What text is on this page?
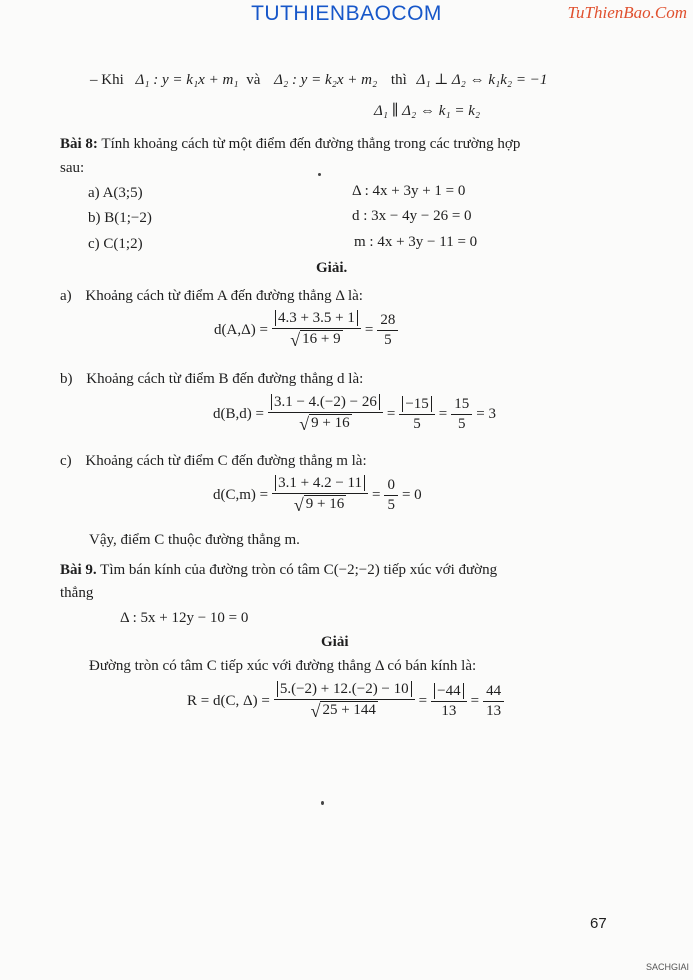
TUTHIENBAOCOM	TuThienBao.Com
– Khi Δ₁ : y = k₁x + m₁ và Δ₂ : y = k₂x + m₂ thì Δ₁ ⊥ Δ₂ ⇔ k₁k₂ = −1
Δ₁ ∥ Δ₂ ⇔ k₁ = k₂
Bài 8: Tính khoảng cách từ một điểm đến đường thẳng trong các trường hợp
sau:
a) A(3;5)	Δ : 4x + 3y + 1 = 0
b) B(1;−2)	d : 3x − 4y − 26 = 0
c) C(1;2)	m : 4x + 3y − 11 = 0
Giải.
a) Khoảng cách từ điểm A đến đường thẳng Δ là:
$d(A,\Delta) = \frac{4.3 + 3.5 + 1}{√ 16 + 9} = \frac{28}{5}$
b) Khoảng cách từ điểm B đến đường thẳng d là:
$d(B,d) = \frac{3.1 - 4.(-2) - 26}{√ 9 + 16} = \frac{-15}{5} = \frac{15}{5} = 3$
c) Khoảng cách từ điểm C đến đường thẳng m là:
$d(C,m) = \frac{3.1 + 4.2 - 11}{√ 9 + 16} = \frac{0}{5} = 0$
Vậy, điểm C thuộc đường thẳng m.
Bài 9. Tìm bán kính của đường tròn có tâm C(−2;−2) tiếp xúc với đường
thẳng
Δ : 5x + 12y − 10 = 0
Giải
Đường tròn có tâm C tiếp xúc với đường thẳng Δ có bán kính là:
R = d(C, $\Delta) = \frac{5.(-2) + 12.(-2) - 10}{√ 25 + 144} = \frac{-44}{13} = \frac{44}{13}$
67
SACHGIAI
